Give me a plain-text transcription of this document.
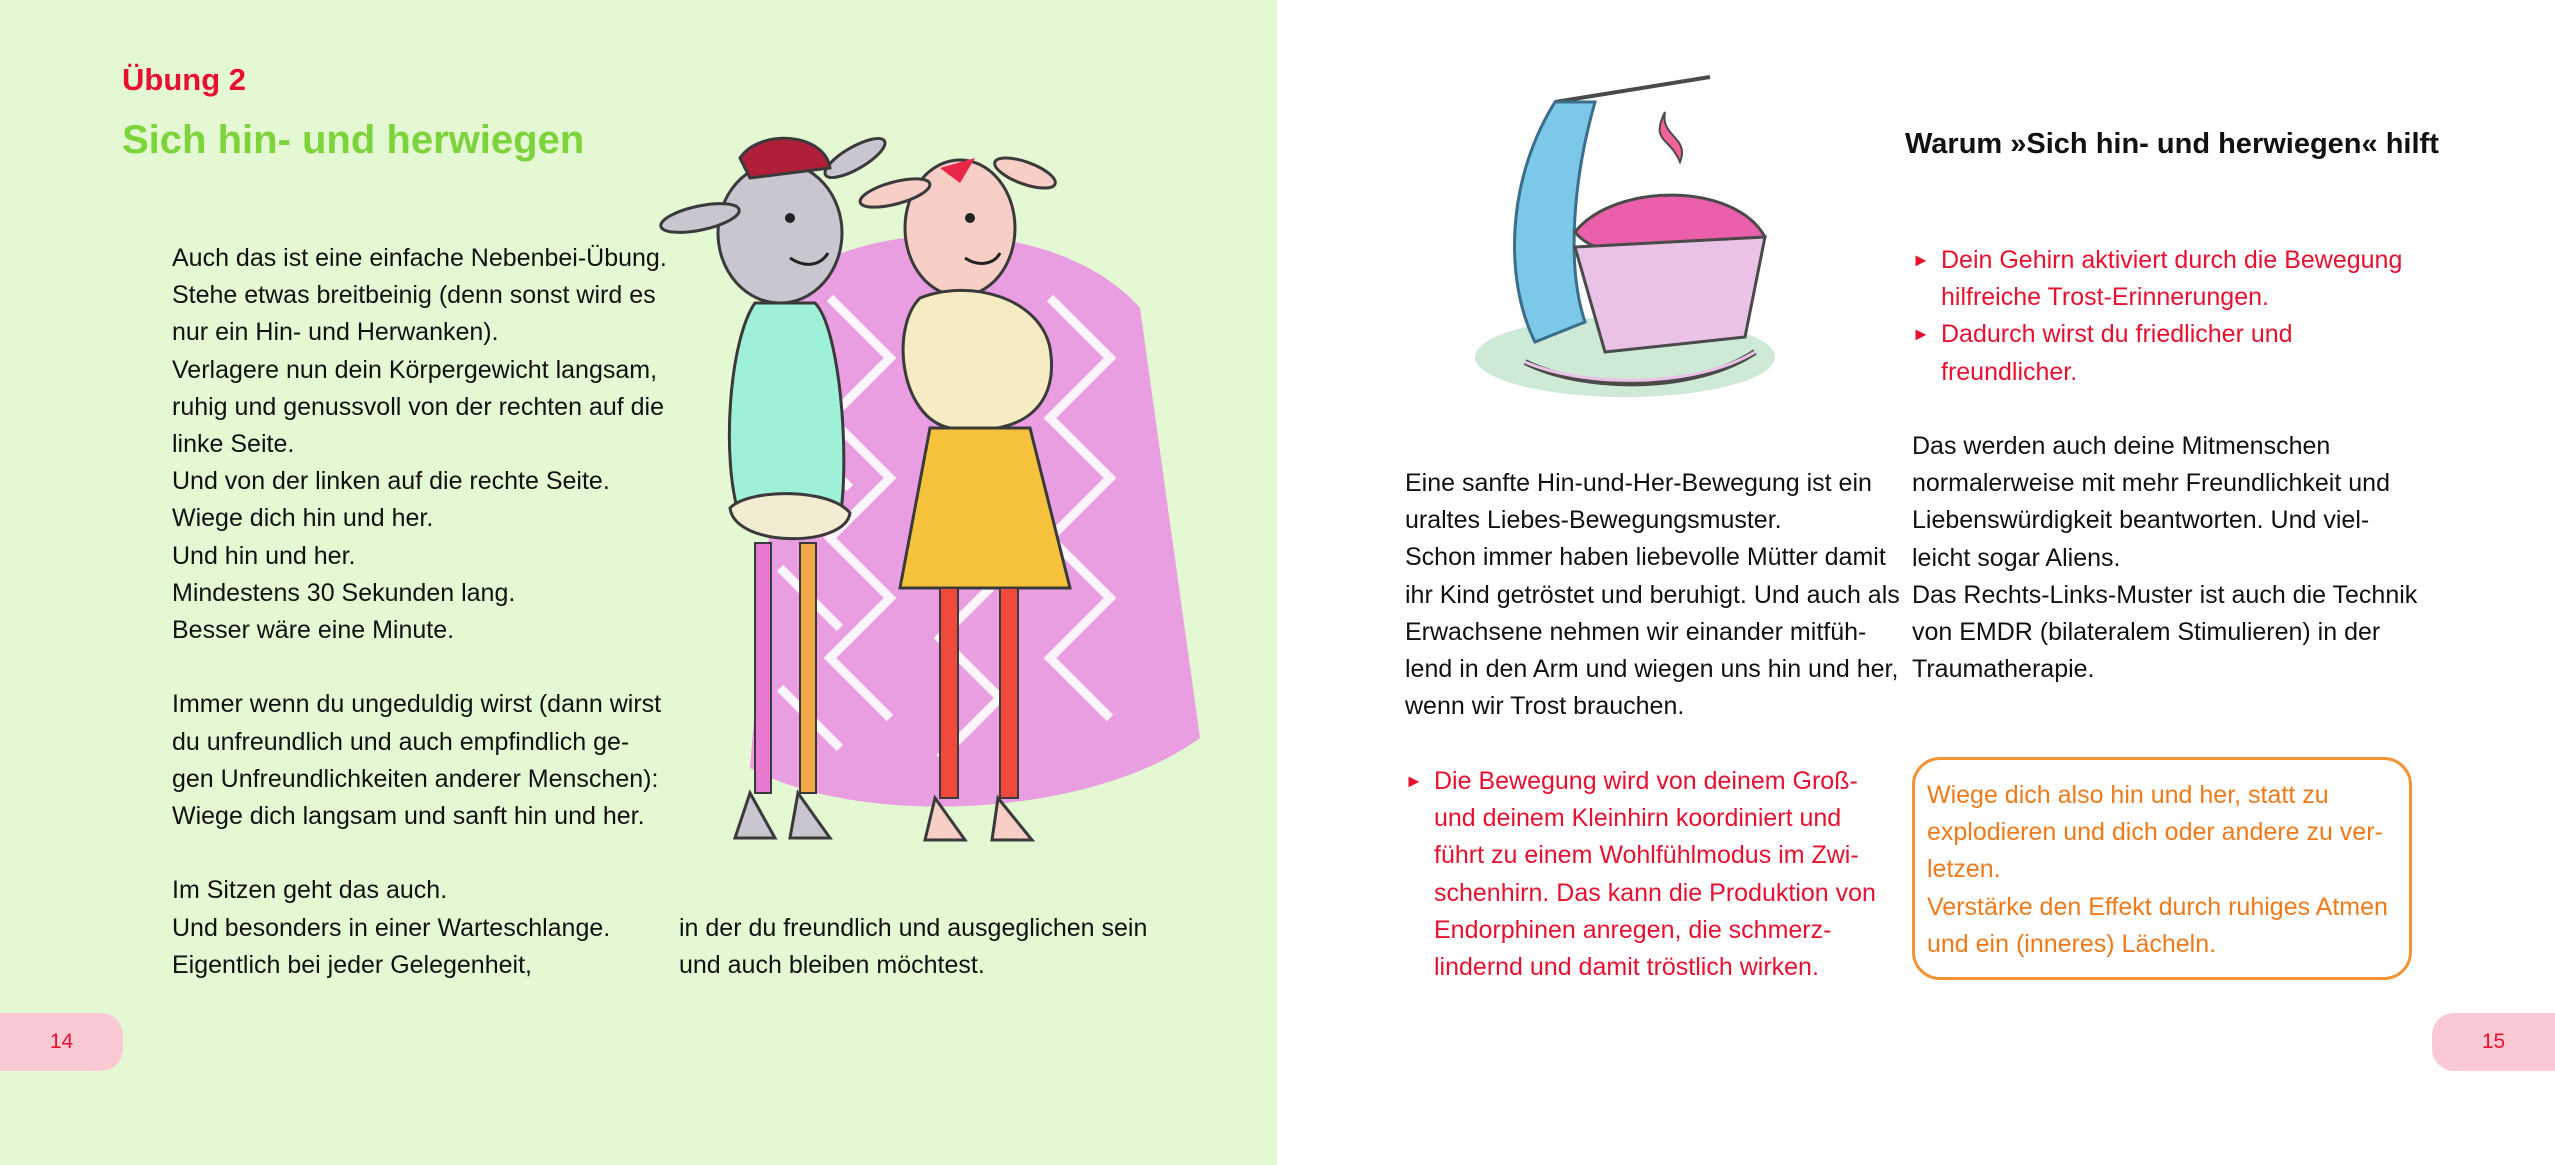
Übung 2
Sich hin- und herwiegen
Auch das ist eine einfache Nebenbei-Übung.
Stehe etwas breitbeinig (denn sonst wird es
nur ein Hin- und Herwanken).
Verlagere nun dein Körpergewicht langsam,
ruhig und genussvoll von der rechten auf die
linke Seite.
Und von der linken auf die rechte Seite.
Wiege dich hin und her.
Und hin und her.
Mindestens 30 Sekunden lang.
Besser wäre eine Minute.
Immer wenn du ungeduldig wirst (dann wirst
du unfreundlich und auch empfindlich ge-
gen Unfreundlichkeiten anderer Menschen):
Wiege dich langsam und sanft hin und her.
Im Sitzen geht das auch.
Und besonders in einer Warteschlange.
Eigentlich bei jeder Gelegenheit,
in der du freundlich und ausgeglichen sein
und auch bleiben möchtest.
14
Warum »Sich hin- und herwiegen« hilft
► Dein Gehirn aktiviert durch die Bewegung
hilfreiche Trost-Erinnerungen.
► Dadurch wirst du friedlicher und
freundlicher.
Das werden auch deine Mitmenschen
normalerweise mit mehr Freundlichkeit und
Liebenswürdigkeit beantworten. Und viel-
leicht sogar Aliens.
Das Rechts-Links-Muster ist auch die Technik
von EMDR (bilateralem Stimulieren) in der
Traumatherapie.
Eine sanfte Hin-und-Her-Bewegung ist ein
uraltes Liebes-Bewegungsmuster.
Schon immer haben liebevolle Mütter damit
ihr Kind getröstet und beruhigt. Und auch als
Erwachsene nehmen wir einander mitfüh-
lend in den Arm und wiegen uns hin und her,
wenn wir Trost brauchen.
► Die Bewegung wird von deinem Groß-
und deinem Kleinhirn koordiniert und
führt zu einem Wohlfühlmodus im Zwi-
schenhirn. Das kann die Produktion von
Endorphinen anregen, die schmerz-
lindernd und damit tröstlich wirken.
Wiege dich also hin und her, statt zu
explodieren und dich oder andere zu ver-
letzen.
Verstärke den Effekt durch ruhiges Atmen
und ein (inneres) Lächeln.
15
